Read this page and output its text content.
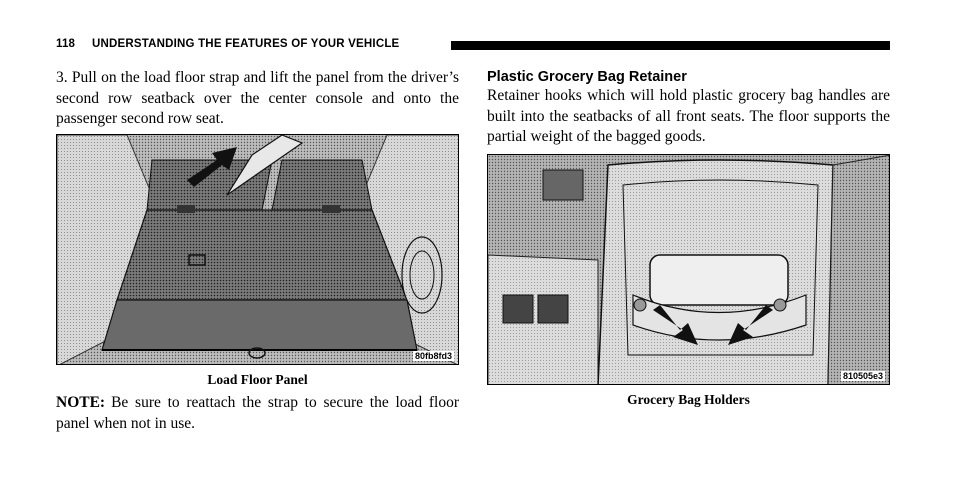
118 UNDERSTANDING THE FEATURES OF YOUR VEHICLE

3. Pull on the load floor strap and lift the panel from the driver’s second row seatback over the center console and onto the passenger second row seat.

80fb8fd3
Load Floor Panel

NOTE: Be sure to reattach the strap to secure the load floor panel when not in use.

Plastic Grocery Bag Retainer

Retainer hooks which will hold plastic grocery bag handles are built into the seatbacks of all front seats. The floor supports the partial weight of the bagged goods.

810505e3
Grocery Bag Holders
